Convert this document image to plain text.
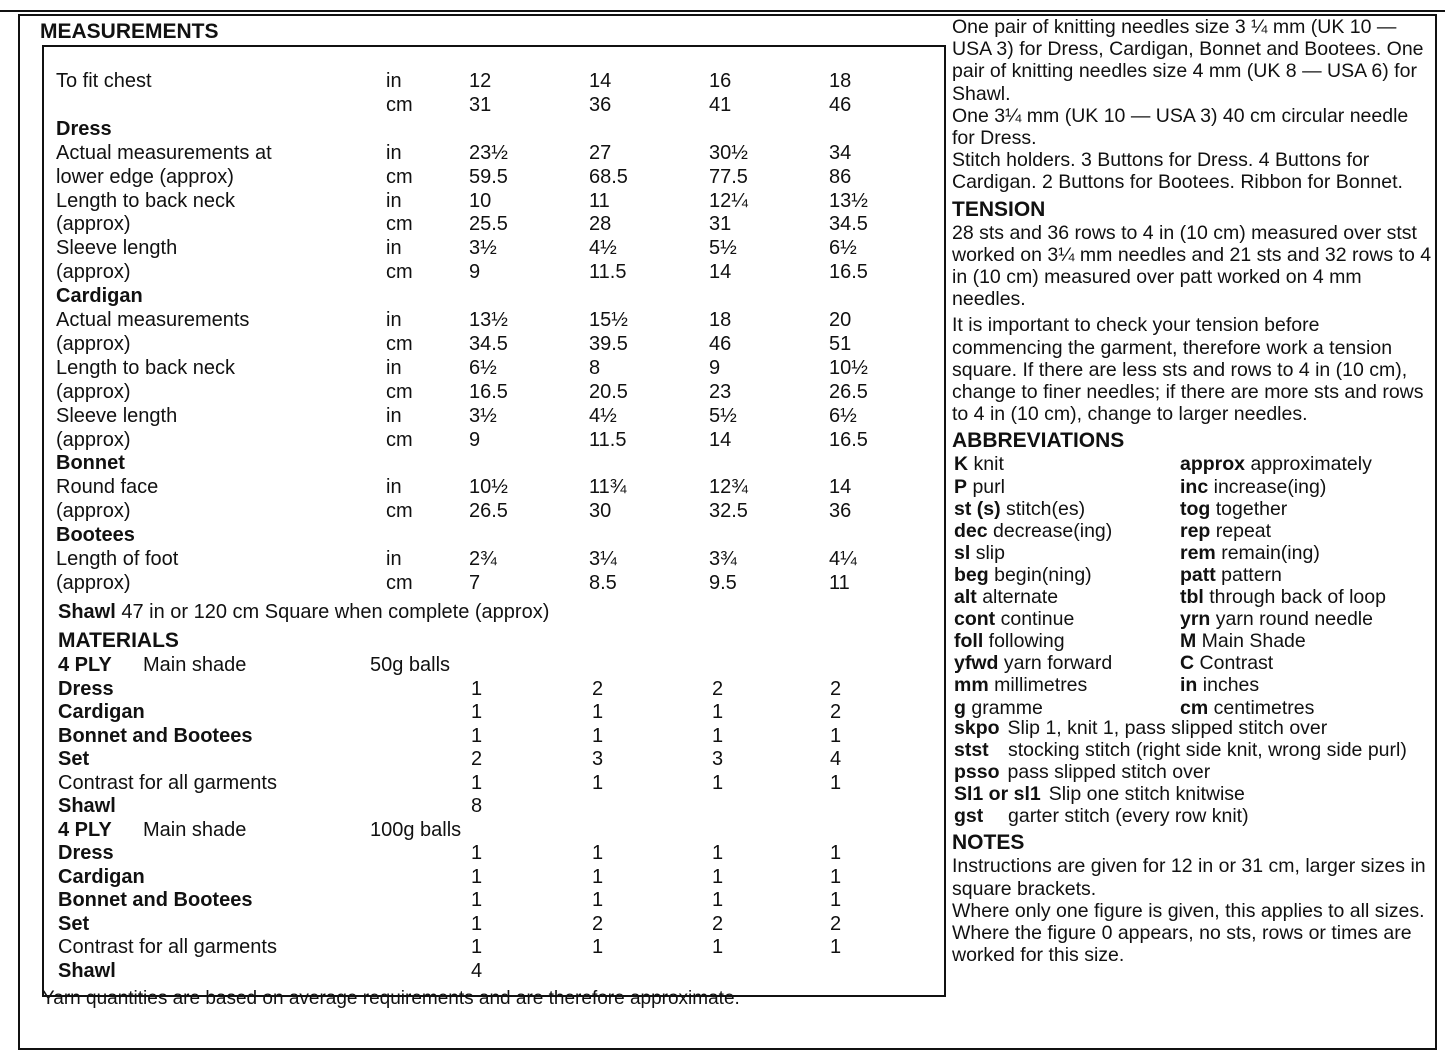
MEASUREMENTS
To fit chest	in	12	14	16	18
cm	31	36	41	46
Dress
Actual measurements at	in	23½	27	30½	34
lower edge (approx)	cm	59.5	68.5	77.5	86
Length to back neck	in	10	11	12¼	13½
(approx)	cm	25.5	28	31	34.5
Sleeve length	in	3½	4½	5½	6½
(approx)	cm	9	11.5	14	16.5
Cardigan
Actual measurements	in	13½	15½	18	20
(approx)	cm	34.5	39.5	46	51
Length to back neck	in	6½	8	9	10½
(approx)	cm	16.5	20.5	23	26.5
Sleeve length	in	3½	4½	5½	6½
(approx)	cm	9	11.5	14	16.5
Bonnet
Round face	in	10½	11¾	12¾	14
(approx)	cm	26.5	30	32.5	36
Bootees
Length of foot	in	2¾	3¼	3¾	4¼
(approx)	cm	7	8.5	9.5	11
Shawl 47 in or 120 cm Square when complete (approx)
MATERIALS
4 PLY Main shade	50g balls
Dress	1	2	2	2
Cardigan	1	1	1	2
Bonnet and Bootees	1	1	1	1
Set	2	3	3	4
Contrast for all garments	1	1	1	1
Shawl	8
4 PLY Main shade	100g balls
Dress	1	1	1	1
Cardigan	1	1	1	1
Bonnet and Bootees	1	1	1	1
Set	1	2	2	2
Contrast for all garments	1	1	1	1
Shawl	4
Yarn quantities are based on average requirements and are therefore approximate.

One pair of knitting needles size 3 ¼ mm (UK 10 — USA 3) for Dress, Cardigan, Bonnet and Bootees. One pair of knitting needles size 4 mm (UK 8 — USA 6) for Shawl.

One 3¼ mm (UK 10 — USA 3) 40 cm circular needle for Dress.

Stitch holders. 3 Buttons for Dress. 4 Buttons for Cardigan. 2 Buttons for Bootees. Ribbon for Bonnet.

TENSION

28 sts and 36 rows to 4 in (10 cm) measured over stst worked on 3¼ mm needles and 21 sts and 32 rows to 4 in (10 cm) measured over patt worked on 4 mm needles.

It is important to check your tension before commencing the garment, therefore work a tension square. If there are less sts and rows to 4 in (10 cm), change to finer needles; if there are more sts and rows to 4 in (10 cm), change to larger needles.

ABBREVIATIONS
K knit
P purl
st (s) stitch(es)
dec decrease(ing)
sl slip
beg begin(ning)
alt alternate
cont continue
foll following
yfwd yarn forward
mm millimetres
g gramme
approx approximately
inc increase(ing)
tog together
rep repeat
rem remain(ing)
patt pattern
tbl through back of loop
yrn yarn round needle
M Main Shade
C Contrast
in inches
cm centimetres
skpo Slip 1, knit 1, pass slipped stitch over
stst stocking stitch (right side knit, wrong side purl)
psso pass slipped stitch over
Sl1 or sl1 Slip one stitch knitwise
gst	garter stitch (every row knit)
NOTES

Instructions are given for 12 in or 31 cm, larger sizes in square brackets.

Where only one figure is given, this applies to all sizes. Where the figure 0 appears, no sts, rows or times are worked for this size.
